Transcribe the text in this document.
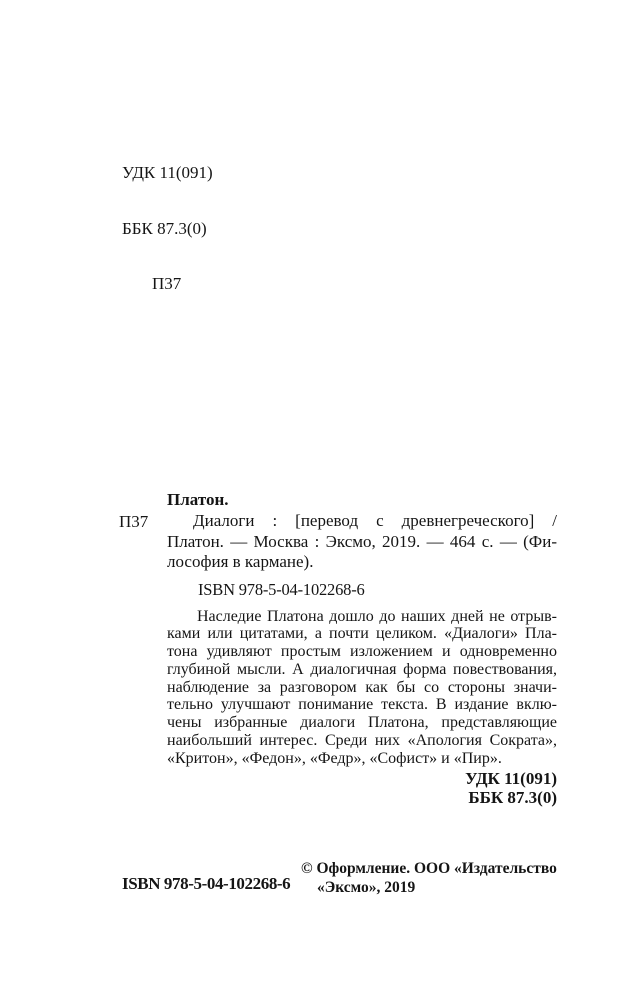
УДК 11(091)

ББК 87.3(0)

П37

П37
Платон.
Диалоги : [перевод с древнегреческого] /
Платон. — Москва : Эксмо, 2019. — 464 с. — (Фи-
лософия в кармане).
ISBN 978-5-04-102268-6
Наследие Платона дошло до наших дней не отрыв-
ками или цитатами, а почти целиком. «Диалоги» Пла-
тона удивляют простым изложением и одновременно
глубиной мысли. А диалогичная форма повествования,
наблюдение за разговором как бы со стороны значи-
тельно улучшают понимание текста. В издание вклю-
чены избранные диалоги Платона, представляющие
наибольший интерес. Среди них «Апология Сократа»,
«Критон», «Федон», «Федр», «Софист» и «Пир».
УДК 11(091)
ББК 87.3(0)
ISBN 978-5-04-102268-6
© Оформление. ООО «Издательство
«Эксмо», 2019
